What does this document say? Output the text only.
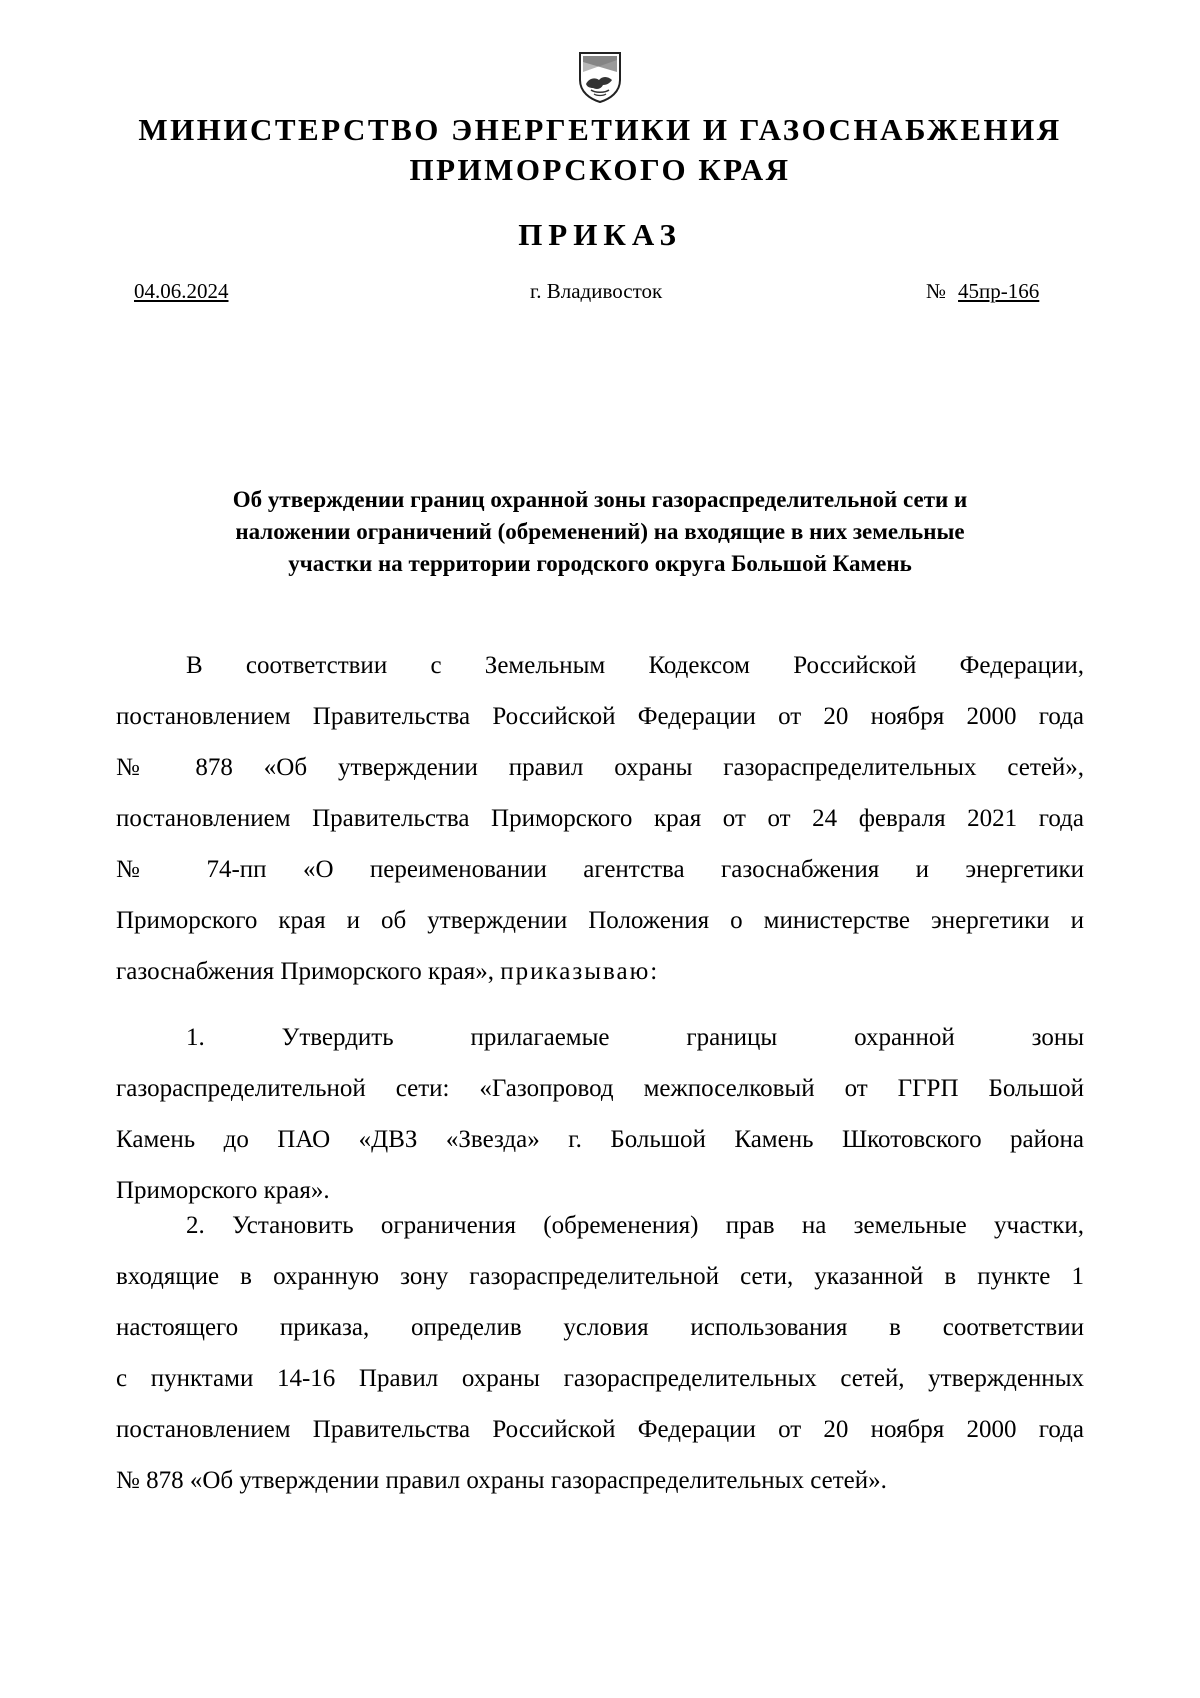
МИНИСТЕРСТВО ЭНЕРГЕТИКИ И ГАЗОСНАБЖЕНИЯ
ПРИМОРСКОГО КРАЯ
ПРИКАЗ
04.06.2024	г. Владивосток	№ 45пр-166
Об утверждении границ охранной зоны газораспределительной сети и
наложении ограничений (обременений) на входящие в них земельные
участки на территории городского округа Большой Камень
В соответствии с Земельным Кодексом Российской Федерации,
постановлением Правительства Российской Федерации от 20 ноября 2000 года
№ 878 «Об утверждении правил охраны газораспределительных сетей»,
постановлением Правительства Приморского края от от 24 февраля 2021 года
№ 74-пп «О переименовании агентства газоснабжения и энергетики
Приморского края и об утверждении Положения о министерстве энергетики и
газоснабжения Приморского края», приказываю:
1. Утвердить прилагаемые границы охранной зоны
газораспределительной сети: «Газопровод межпоселковый от ГГРП Большой
Камень до ПАО «ДВЗ «Звезда» г. Большой Камень Шкотовского района
Приморского края».
2. Установить ограничения (обременения) прав на земельные участки,
входящие в охранную зону газораспределительной сети, указанной в пункте 1
настоящего приказа, определив условия использования в соответствии
с пунктами 14-16 Правил охраны газораспределительных сетей, утвержденных
постановлением Правительства Российской Федерации от 20 ноября 2000 года
№ 878 «Об утверждении правил охраны газораспределительных сетей».
